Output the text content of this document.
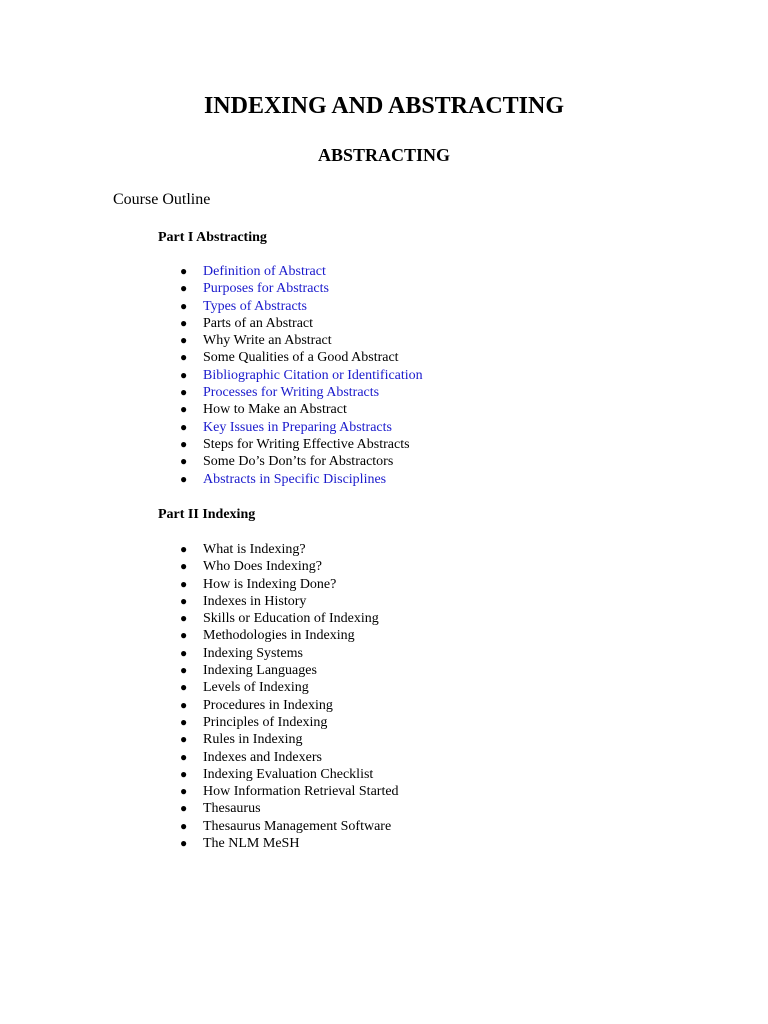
INDEXING AND ABSTRACTING
ABSTRACTING

Course Outline

Part I Abstracting

● Definition of Abstract
● Purposes for Abstracts
● Types of Abstracts
● Parts of an Abstract
● Why Write an Abstract
● Some Qualities of a Good Abstract
● Bibliographic Citation or Identification
● Processes for Writing Abstracts
● How to Make an Abstract
● Key Issues in Preparing Abstracts
● Steps for Writing Effective Abstracts
● Some Do’s Don’ts for Abstractors
● Abstracts in Specific Disciplines

Part II Indexing

● What is Indexing?
● Who Does Indexing?
● How is Indexing Done?
● Indexes in History
● Skills or Education of Indexing
● Methodologies in Indexing
● Indexing Systems
● Indexing Languages
● Levels of Indexing
● Procedures in Indexing
● Principles of Indexing
● Rules in Indexing
● Indexes and Indexers
● Indexing Evaluation Checklist
● How Information Retrieval Started
● Thesaurus
● Thesaurus Management Software
● The NLM MeSH
